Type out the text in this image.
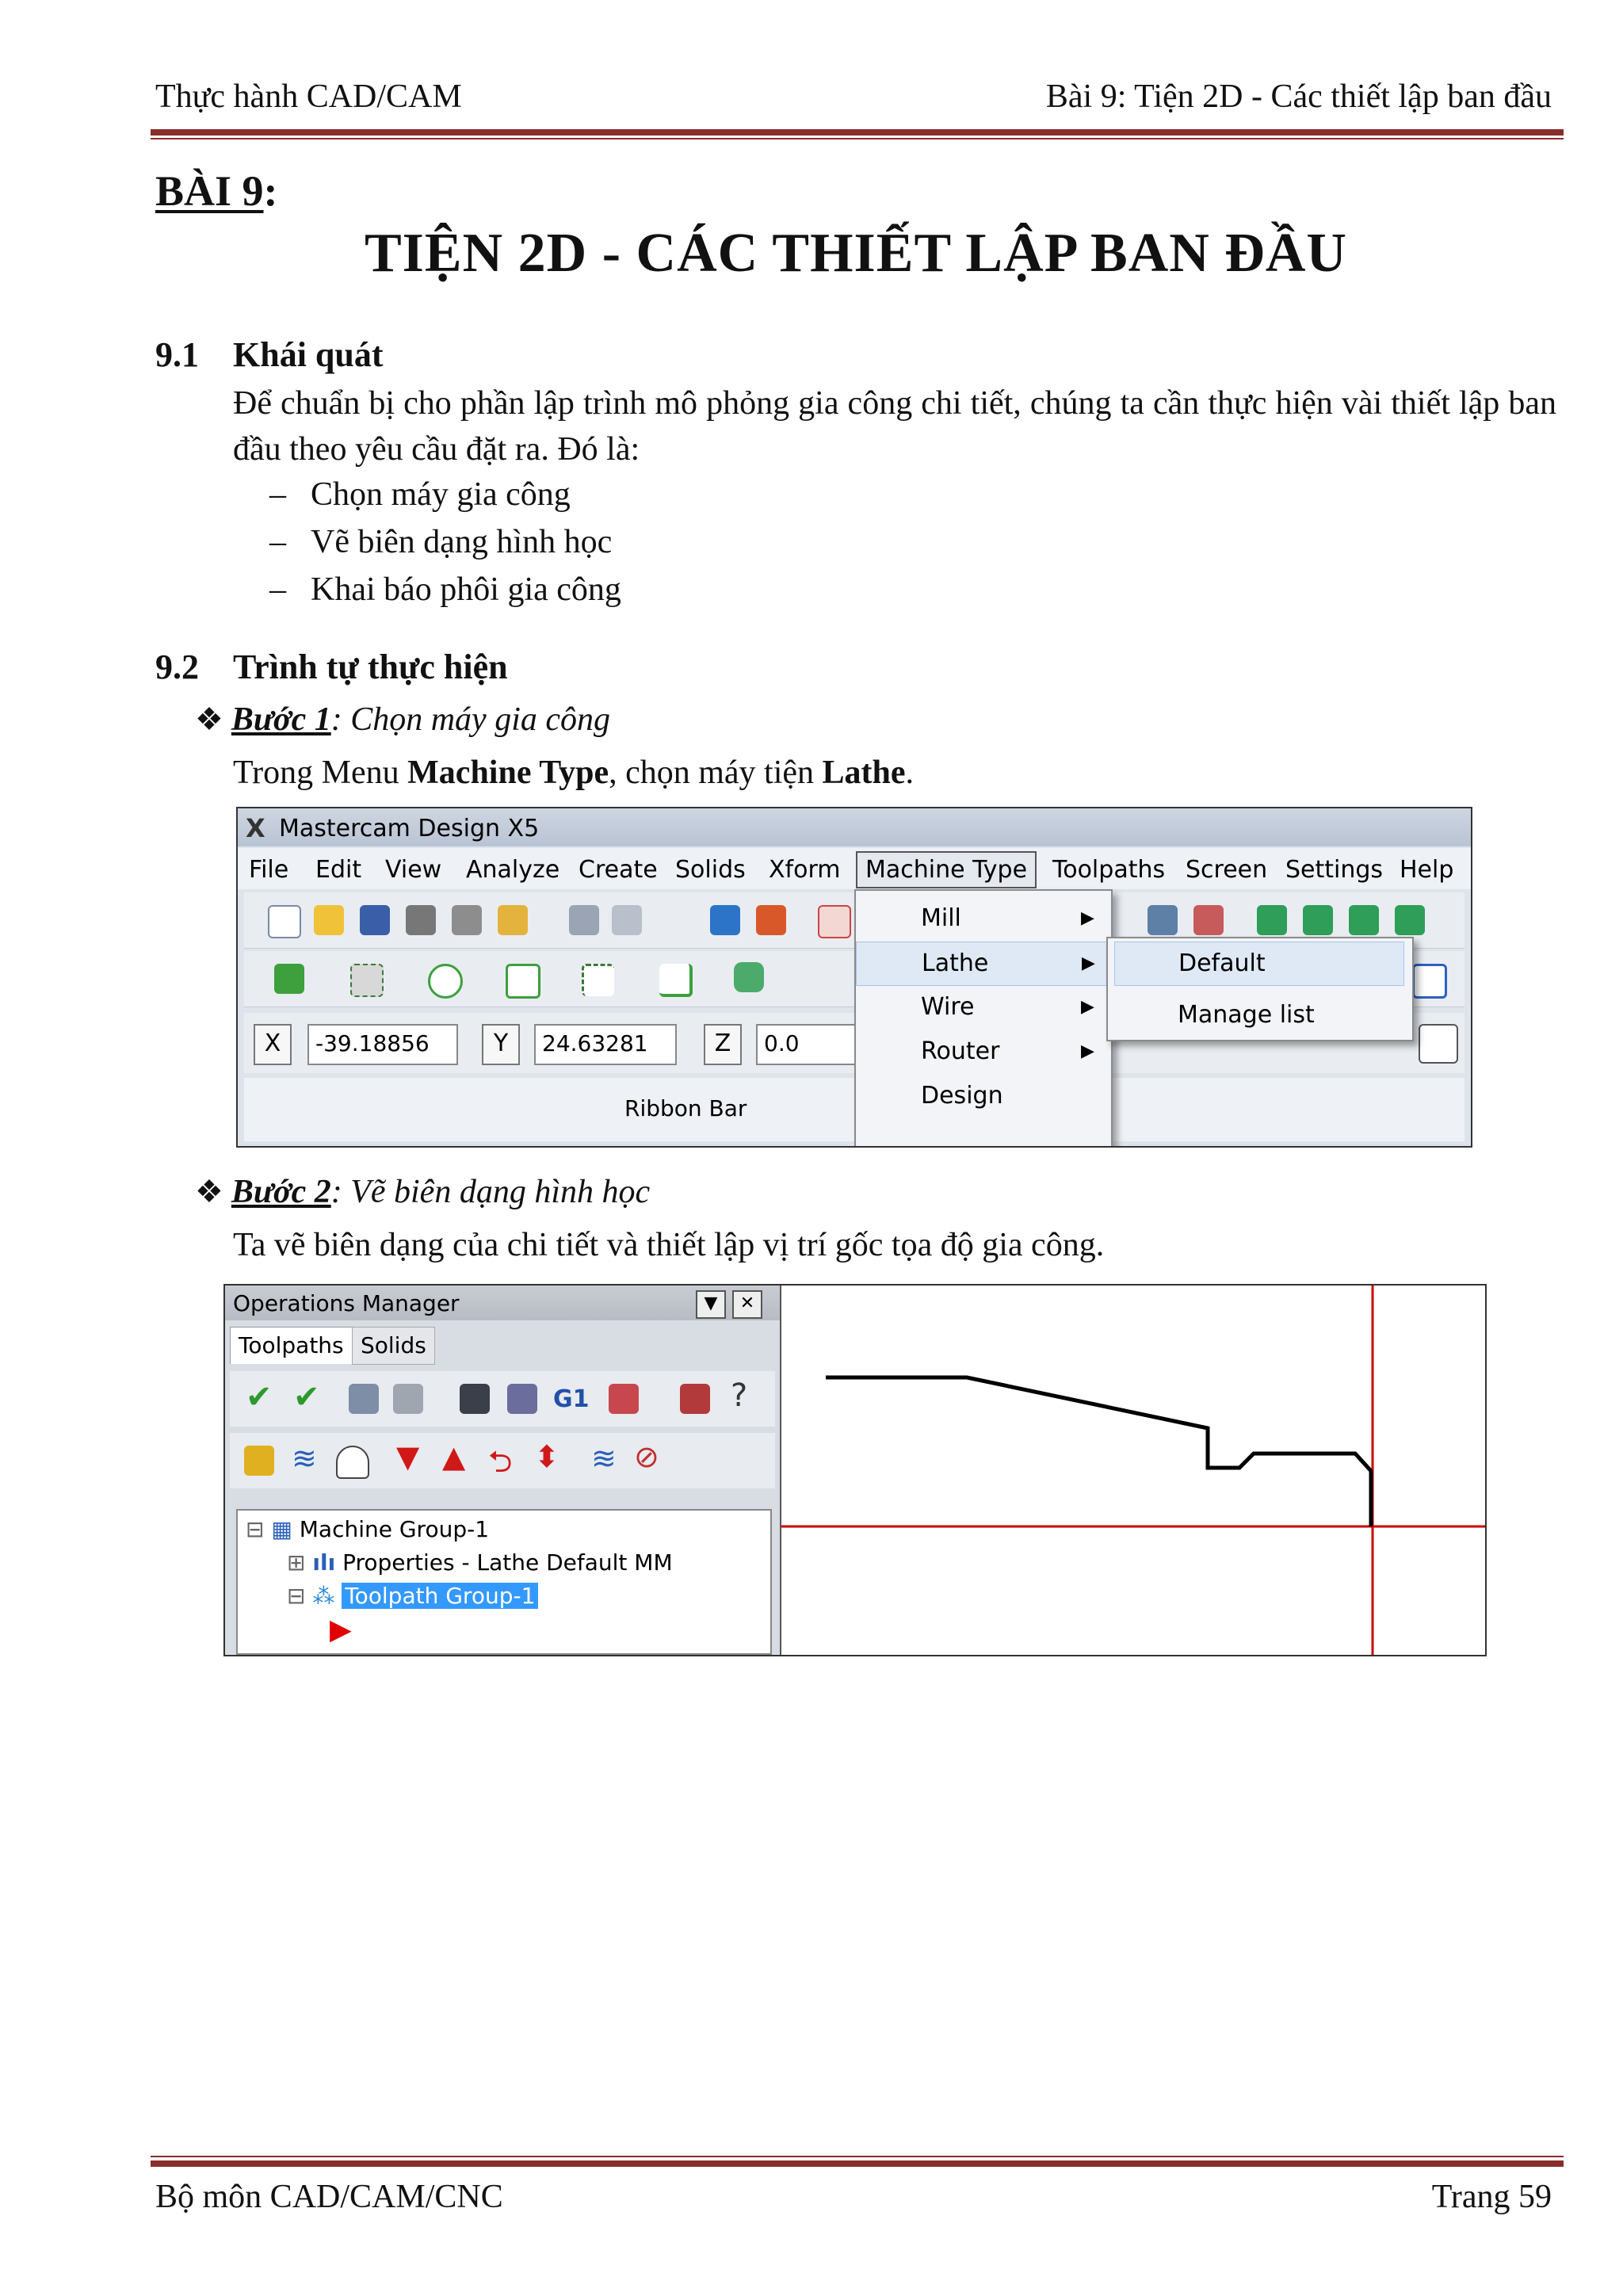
Thực hành CAD/CAM	Bài 9: Tiện 2D - Các thiết lập ban đầu
BÀI 9:
TIỆN 2D - CÁC THIẾT LẬP BAN ĐẦU
9.1 Khái quát
Để chuẩn bị cho phần lập trình mô phỏng gia công chi tiết, chúng ta cần thực hiện vài thiết lập ban đầu theo yêu cầu đặt ra. Đó là:
– Chọn máy gia công
– Vẽ biên dạng hình học
– Khai báo phôi gia công
9.2 Trình tự thực hiện
❖ Bước 1: Chọn máy gia công
Trong Menu Machine Type, chọn máy tiện Lathe.
X Mastercam Design X5
File Edit View Analyze Create Solids Xform	Machine Type	Toolpaths Screen Settings Help
X	-39.18856	Y	24.63281	Z	0.0
Ribbon Bar
Mill	▶
Lathe	▶
Wire	▶
Router	▶
Design
Default
Manage list
❖ Bước 2: Vẽ biên dạng hình học
Ta vẽ biên dạng của chi tiết và thiết lập vị trí gốc tọa độ gia công.
Operations Manager	▼	✕
Toolpaths Solids
✔ ✔	G1	?
≋	▼ ▲ ⮌ ⬍ ≋ ⊘
⊟ ▦ Machine Group-1
⊞ ılı Properties - Lathe Default MM
⊟ ⁂ Toolpath Group-1
▶
Bộ môn CAD/CAM/CNC	Trang 59
